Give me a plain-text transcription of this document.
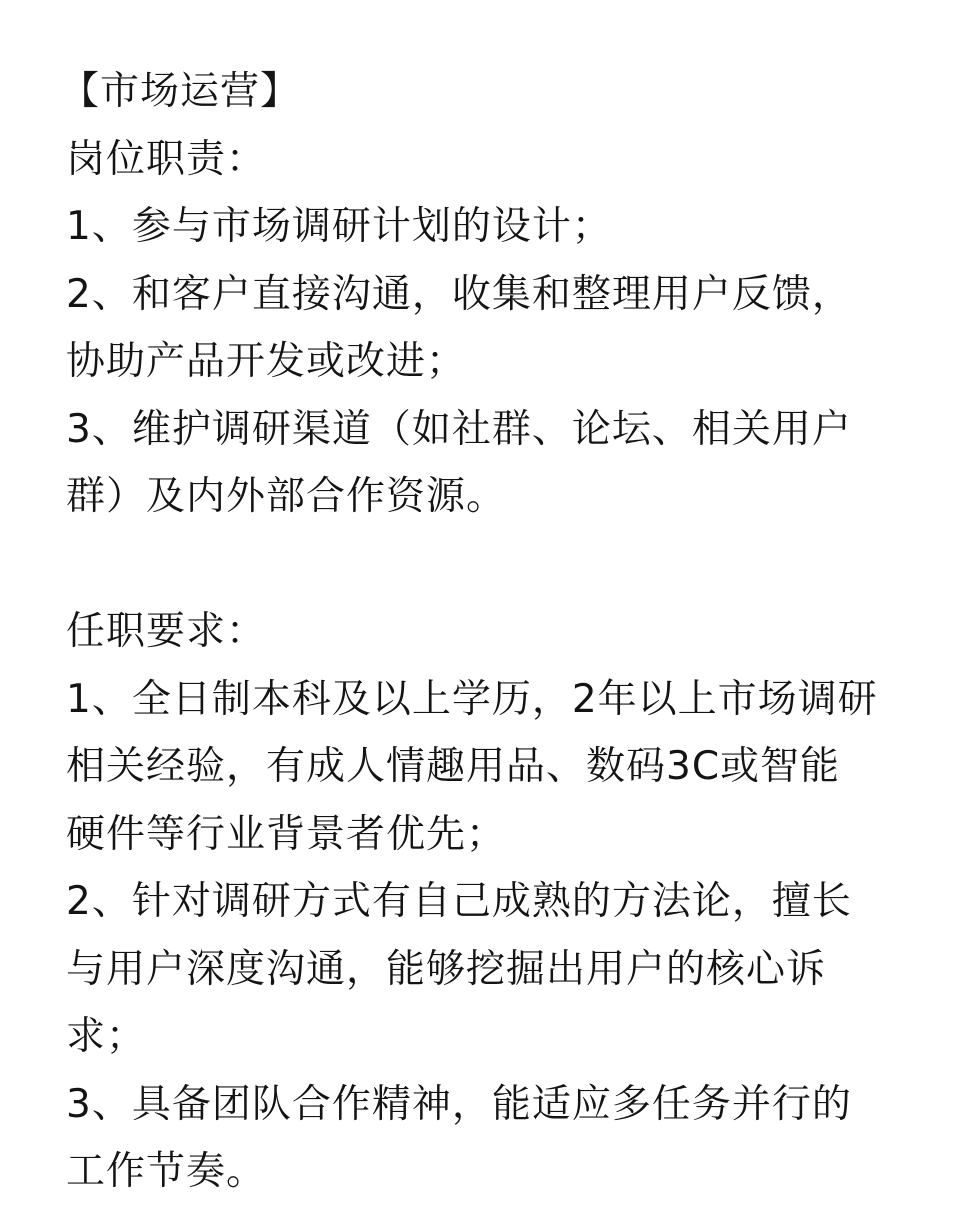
【市场运营】
岗位职责：
1、参与市场调研计划的设计；
2、和客户直接沟通，收集和整理用户反馈，
协助产品开发或改进；
3、维护调研渠道（如社群、论坛、相关用户
群）及内外部合作资源。
任职要求：
1、全日制本科及以上学历，2年以上市场调研
相关经验，有成人情趣用品、数码3C或智能
硬件等行业背景者优先；
2、针对调研方式有自己成熟的方法论，擅长
与用户深度沟通，能够挖掘出用户的核心诉
求；
3、具备团队合作精神，能适应多任务并行的
工作节奏。
